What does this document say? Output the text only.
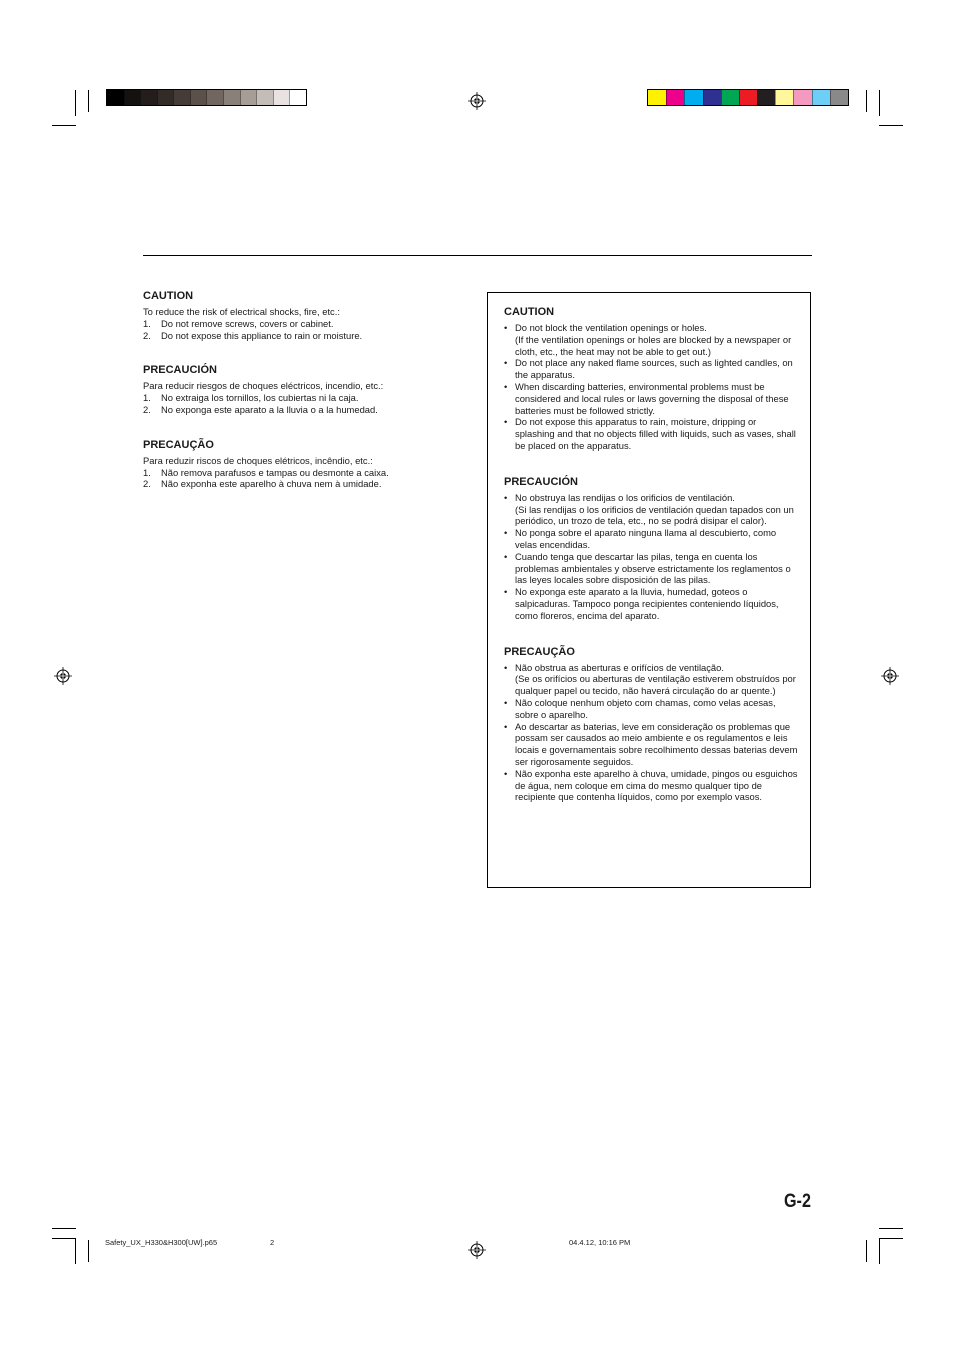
CAUTION

To reduce the risk of electrical shocks, fire, etc.:

1. Do not remove screws, covers or cabinet.
2. Do not expose this appliance to rain or moisture.

PRECAUCIÓN

Para reducir riesgos de choques eléctricos, incendio, etc.:

1. No extraiga los tornillos, los cubiertas ni la caja.
2. No exponga este aparato a la lluvia o a la humedad.

PRECAUÇÃO

Para reduzir riscos de choques elétricos, incêndio, etc.:

1. Não remova parafusos e tampas ou desmonte a caixa.
2. Não exponha este aparelho à chuva nem à umidade.

CAUTION

• Do not block the ventilation openings or holes.
(If the ventilation openings or holes are blocked by a newspaper or cloth, etc., the heat may not be able to get out.)
• Do not place any naked flame sources, such as lighted candles, on the apparatus.
• When discarding batteries, environmental problems must be considered and local rules or laws governing the disposal of these batteries must be followed strictly.
• Do not expose this apparatus to rain, moisture, dripping or splashing and that no objects filled with liquids, such as vases, shall be placed on the apparatus.

PRECAUCIÓN

• No obstruya las rendijas o los orificios de ventilación.
(Si las rendijas o los orificios de ventilación quedan tapados con un periódico, un trozo de tela, etc., no se podrá disipar el calor).
• No ponga sobre el aparato ninguna llama al descubierto, como velas encendidas.
• Cuando tenga que descartar las pilas, tenga en cuenta los problemas ambientales y observe estrictamente los reglamentos o las leyes locales sobre disposición de las pilas.
• No exponga este aparato a la lluvia, humedad, goteos o salpicaduras. Tampoco ponga recipientes conteniendo líquidos, como floreros, encima del aparato.

PRECAUÇÃO

• Não obstrua as aberturas e orifícios de ventilação.
(Se os orifícios ou aberturas de ventilação estiverem obstruídos por qualquer papel ou tecido, não haverá circulação do ar quente.)
• Não coloque nenhum objeto com chamas, como velas acesas, sobre o aparelho.
• Ao descartar as baterias, leve em consideração os problemas que possam ser causados ao meio ambiente e os regulamentos e leis locais e governamentais sobre recolhimento dessas baterias devem ser rigorosamente seguidos.
• Não exponha este aparelho à chuva, umidade, pingos ou esguichos de água, nem coloque em cima do mesmo qualquer tipo de recipiente que contenha líquidos, como por exemplo vasos.
G-2
Safety_UX_H330&H300[UW].p65	2	04.4.12, 10:16 PM
